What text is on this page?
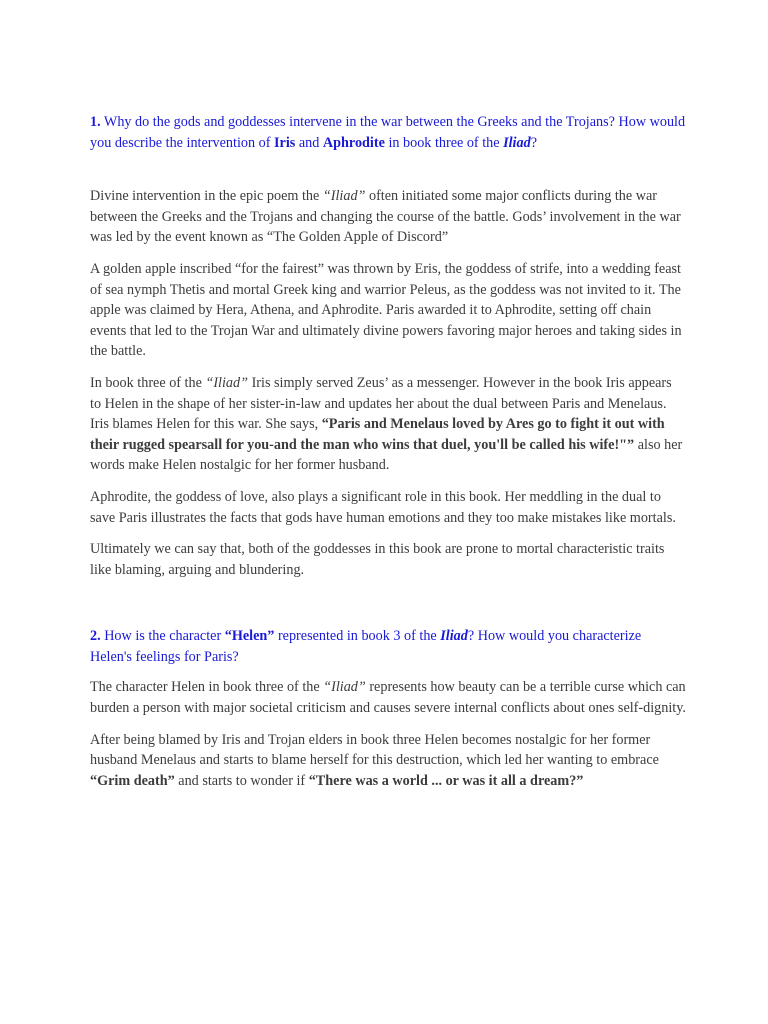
1. Why do the gods and goddesses intervene in the war between the Greeks and the Trojans? How would you describe the intervention of Iris and Aphrodite in book three of the Iliad?

Divine intervention in the epic poem the “Iliad” often initiated some major conflicts during the war between the Greeks and the Trojans and changing the course of the battle. Gods’ involvement in the war was led by the event known as “The Golden Apple of Discord”

A golden apple inscribed “for the fairest” was thrown by Eris, the goddess of strife, into a wedding feast of sea nymph Thetis and mortal Greek king and warrior Peleus, as the goddess was not invited to it. The apple was claimed by Hera, Athena, and Aphrodite. Paris awarded it to Aphrodite, setting off chain events that led to the Trojan War and ultimately divine powers favoring major heroes and taking sides in the battle.

In book three of the “Iliad” Iris simply served Zeus’ as a messenger. However in the book Iris appears to Helen in the shape of her sister-in-law and updates her about the dual between Paris and Menelaus. Iris blames Helen for this war. She says, “Paris and Menelaus loved by Ares go to fight it out with their rugged spearsall for you-and the man who wins that duel, you'll be called his wife!"” also her words make Helen nostalgic for her former husband.

Aphrodite, the goddess of love, also plays a significant role in this book. Her meddling in the dual to save Paris illustrates the facts that gods have human emotions and they too make mistakes like mortals.

Ultimately we can say that, both of the goddesses in this book are prone to mortal characteristic traits like blaming, arguing and blundering.

2. How is the character “Helen” represented in book 3 of the Iliad? How would you characterize Helen's feelings for Paris?

The character Helen in book three of the “Iliad” represents how beauty can be a terrible curse which can burden a person with major societal criticism and causes severe internal conflicts about ones self-dignity.

After being blamed by Iris and Trojan elders in book three Helen becomes nostalgic for her former husband Menelaus and starts to blame herself for this destruction, which led her wanting to embrace “Grim death” and starts to wonder if “There was a world ... or was it all a dream?”
